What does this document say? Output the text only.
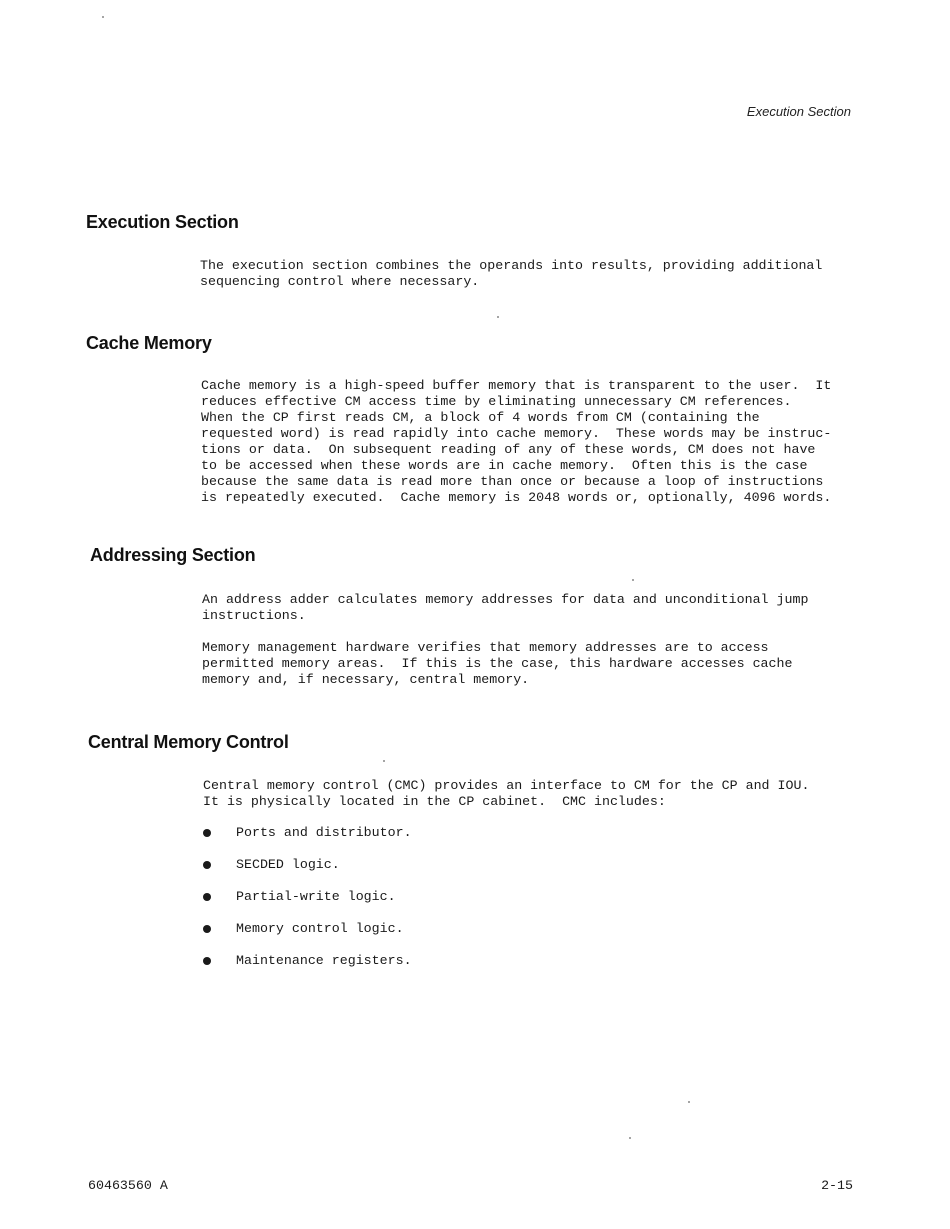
Execution Section
Execution Section
The execution section combines the operands into results, providing additional
sequencing control where necessary.
Cache Memory
Cache memory is a high-speed buffer memory that is transparent to the user.  It
reduces effective CM access time by eliminating unnecessary CM references.
When the CP first reads CM, a block of 4 words from CM (containing the
requested word) is read rapidly into cache memory.  These words may be instruc-
tions or data.  On subsequent reading of any of these words, CM does not have
to be accessed when these words are in cache memory.  Often this is the case
because the same data is read more than once or because a loop of instructions
is repeatedly executed.  Cache memory is 2048 words or, optionally, 4096 words.
Addressing Section
An address adder calculates memory addresses for data and unconditional jump
instructions.
Memory management hardware verifies that memory addresses are to access
permitted memory areas.  If this is the case, this hardware accesses cache
memory and, if necessary, central memory.
Central Memory Control
Central memory control (CMC) provides an interface to CM for the CP and IOU.
It is physically located in the CP cabinet.  CMC includes:
Ports and distributor.
SECDED logic.
Partial-write logic.
Memory control logic.
Maintenance registers.
60463560 A	2-15
